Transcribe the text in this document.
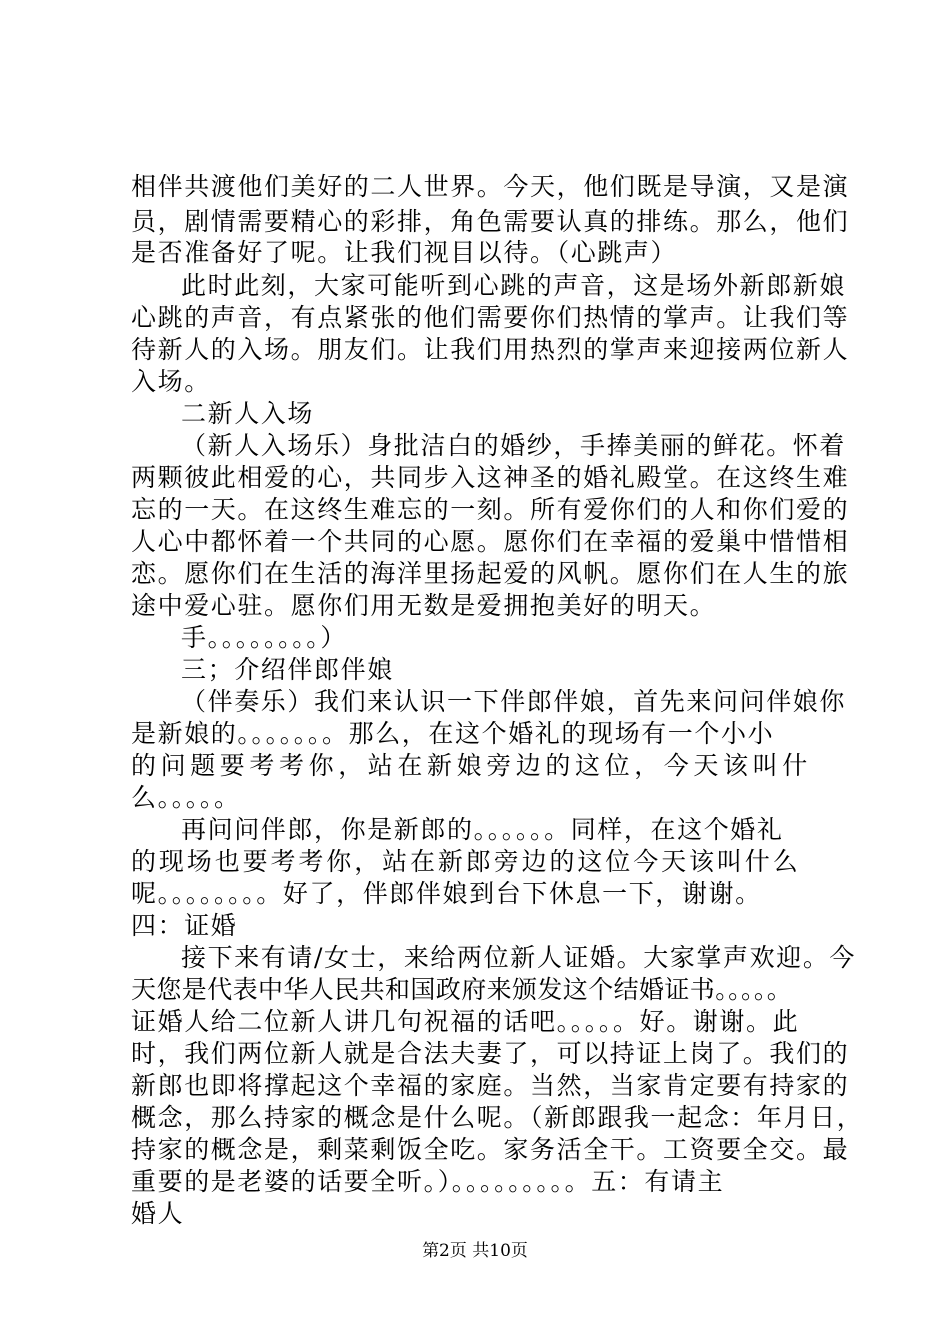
相伴共渡他们美好的二人世界。今天，他们既是导演，又是演
员，剧情需要精心的彩排，角色需要认真的排练。那么，他们
是否准备好了呢。让我们视目以待。（心跳声）
此时此刻，大家可能听到心跳的声音，这是场外新郎新娘
心跳的声音，有点紧张的他们需要你们热情的掌声。让我们等
待新人的入场。朋友们。让我们用热烈的掌声来迎接两位新人
入场。
二新人入场
（新人入场乐）身批洁白的婚纱，手捧美丽的鲜花。怀着
两颗彼此相爱的心，共同步入这神圣的婚礼殿堂。在这终生难
忘的一天。在这终生难忘的一刻。所有爱你们的人和你们爱的
人心中都怀着一个共同的心愿。愿你们在幸福的爱巢中惜惜相
恋。愿你们在生活的海洋里扬起爱的风帆。愿你们在人生的旅
途中爱心驻。愿你们用无数是爱拥抱美好的明天。
手。。。。。。。。）
三；介绍伴郎伴娘
（伴奏乐）我们来认识一下伴郎伴娘，首先来问问伴娘你
是新娘的。。。。。。。那么，在这个婚礼的现场有一个小小
的问题要考考你，站在新娘旁边的这位，今天该叫什
么。。。。。
再问问伴郎，你是新郎的。。。。。。同样，在这个婚礼
的现场也要考考你，站在新郎旁边的这位今天该叫什么
呢。。。。。。。。好了，伴郎伴娘到台下休息一下，谢谢。
四：证婚
接下来有请/女士，来给两位新人证婚。大家掌声欢迎。今
天您是代表中华人民共和国政府来颁发这个结婚证书。。。。。
证婚人给二位新人讲几句祝福的话吧。。。。。好。谢谢。此
时，我们两位新人就是合法夫妻了，可以持证上岗了。我们的
新郎也即将撑起这个幸福的家庭。当然，当家肯定要有持家的
概念，那么持家的概念是什么呢。（新郎跟我一起念：年月日，
持家的概念是，剩菜剩饭全吃。家务活全干。工资要全交。最
重要的是老婆的话要全听。）。。。。。。。。。五：有请主
婚人
第2页 共10页
